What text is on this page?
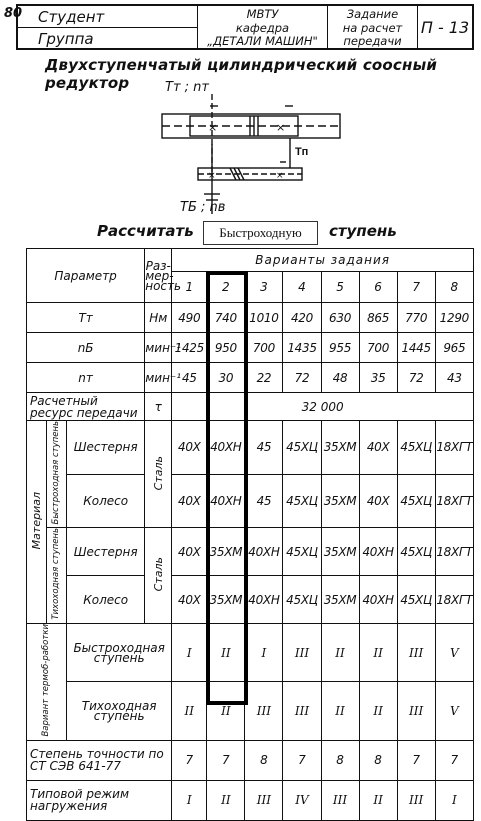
80	Студент
Группа
МВТУ
кафедра
„ДЕТАЛИ МАШИН"
Задание
на расчет
передачи
П - 13
Двухступенчатый цилиндрический соосный редуктор	Тт ; nт
×	×
×	×
Тп
ТБ ; nв
Рассчитать	ступень
Быстроходную
Параметр			Раз-мер-ность	Варианты задания							
				1	2	3	4	5	6	7	8
Тт			Нм	490	740	1010	420	630	865	770	1290
nБ			мин⁻¹	1425	950	700	1435	955	700	1445	965
nт			мин⁻¹	45	30	22	72	48	35	72	43
Расчетный ресурс передачи			τ	32 000							
Материал	Быстроходная ступень	Шестерня	Сталь	40X	40XH	45	45XЦ	35XM	40X	45XЦ	18XГТ
		Колесо		40X	40XH	45	45XЦ	35XM	40X	45XЦ	18XГТ
	Тихоходная ступень	Шестерня	Сталь	40X	35XM	40XH	45XЦ	35XM	40XH	45XЦ	18XГТ
		Колесо		40X	35XM	40XH	45XЦ	35XM	40XH	45XЦ	18XГТ
Вариант термоб-работки		Быстроходная ступень		I	II	I	III	II	II	III	V
		Тихоходная ступень		II	II	III	III	II	II	III	V
Степень точности по СТ СЭВ 641-77				7	7	8	7	8	8	7	7
Типовой режим нагружения				I	II	III	IV	III	II	III	I
